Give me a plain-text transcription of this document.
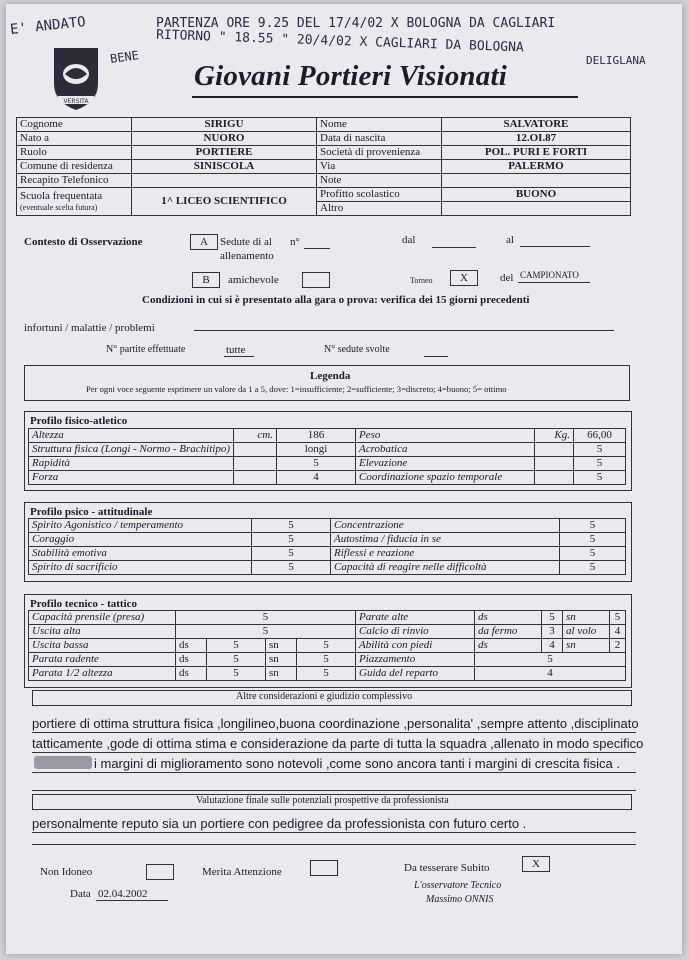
E' ANDATO
BENE
PARTENZA ORE 9.25 DEL 17/4/02 X BOLOGNA DA CAGLIARI
RITORNO " 18.55 " 20/4/02 X CAGLIARI DA BOLOGNA
DELIGLANA
VERSITA
Giovani Portieri Visionati
Cognome	SIRIGU	Nome	SALVATORE
Nato a	NUORO	Data di nascita	12.OI.87
Ruolo	PORTIERE	Società di provenienza	POL. PURI E FORTI
Comune di residenza	SINISCOLA	Via	PALERMO
Recapito Telefonico		Note	
Scuola frequentata
(eventuale scelta futura)	1^ LICEO SCIENTIFICO	Profitto scolastico	BUONO
		Altro	
Contesto di Osservazione	A	Sedute di al
allenamento
n°	dal	al
B	amichevole	Torneo	X	del CAMPIONATO
Condizioni in cui si è presentato alla gara o prova: verifica dei 15 giorni precedenti
infortuni / malattie / problemi
N° partite effettuate	tutte	N° sedute svolte
Legenda
Per ogni voce seguente esprimere un valore da 1 a 5, dove: 1=insufficiente; 2=sufficiente; 3=discreto; 4=buono; 5= ottimo
Profilo fisico-atletico
Altezza	cm.	186	Peso	Kg.	66,00
Struttura fisica (Longi - Normo - Brachitipo)		longi	Acrobatica		5
Rapidità		5	Elevazione		5
Forza		4	Coordinazione spazio temporale		5
Profilo psico - attitudinale
Spirito Agonistico / temperamento	5	Concentrazione	5
Coraggio	5	Autostima / fiducia in se	5
Stabilità emotiva	5	Riflessi e reazione	5
Spirito di sacrificio	5	Capacità di reagire nelle difficoltà	5
Profilo tecnico - tattico
Capacità prensile (presa)	5				Parate alte	ds	5	sn	5
Uscita alta	5				Calcio di rinvio	da fermo	3	al volo	4
Uscita bassa	ds	5	sn	5	Abilità con piedi	ds	4	sn	2
Parata radente	ds	5	sn	5	Piazzamento	5			
Parata 1/2 altezza	ds	5	sn	5	Guida del reparto	4			
Altre considerazioni e giudizio complessivo
portiere di ottima struttura fisica ,longilineo,buona coordinazione ,personalita' ,sempre attento ,disciplinato
tatticamente ,gode di ottima stima e considerazione da parte di tutta la squadra ,allenato in modo specifico
i margini di miglioramento sono notevoli ,come sono ancora tanti i margini di crescita fisica .
Valutazione finale sulle potenziali prospettive da professionista
personalmente reputo sia un portiere con pedigree da professionista con futuro certo .
Non Idoneo	Merita Attenzione	Da tesserare Subito	X
Data 02.04.2002
L'osservatore Tecnico
Massimo ONNIS
